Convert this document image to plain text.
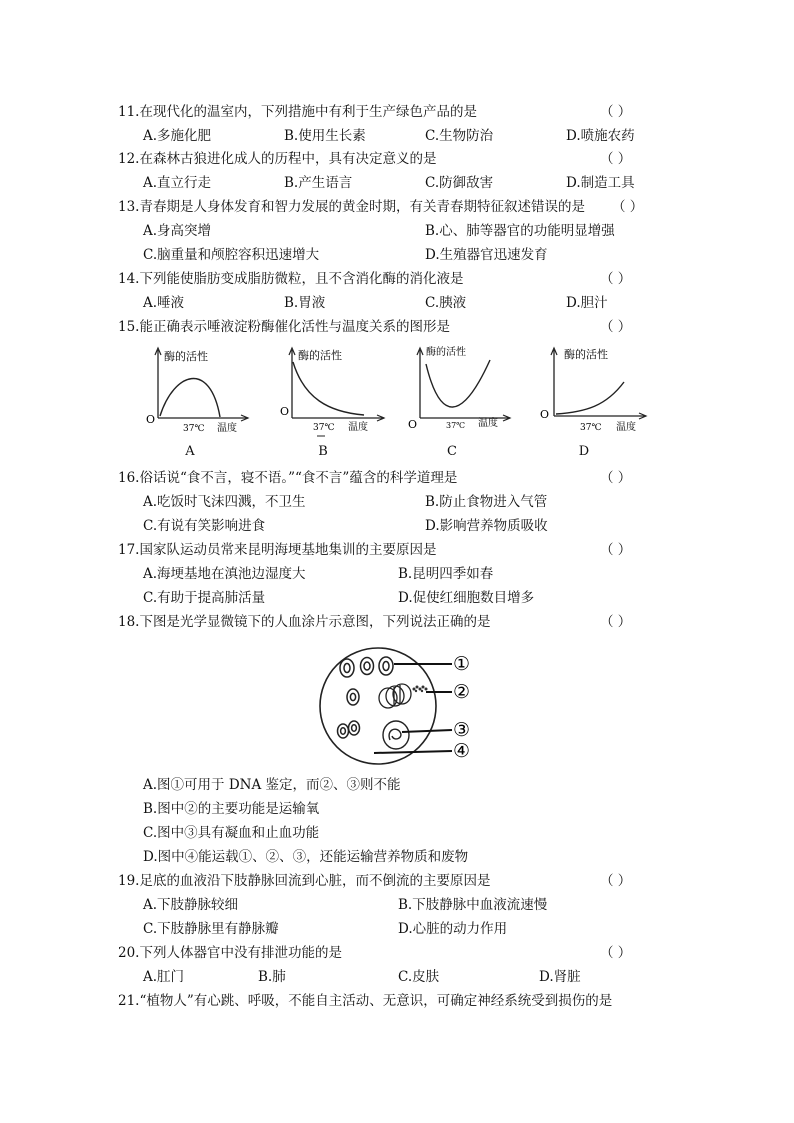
11.在现代化的温室内，下列措施中有利于生产绿色产品的是	（ ）
A.多施化肥	B.使用生长素	C.生物防治	D.喷施农药
12.在森林古狼进化成人的历程中，具有决定意义的是	（ ）
A.直立行走	B.产生语言	C.防御敌害	D.制造工具
13.青春期是人身体发育和智力发展的黄金时期，有关青春期特征叙述错误的是 （ ）
A.身高突增	B.心、肺等器官的功能明显增强
C.脑重量和颅腔容积迅速增大	D.生殖器官迅速发育
14.下列能使脂肪变成脂肪微粒，且不含消化酶的消化液是	（ ）
A.唾液	B.胃液	C.胰液	D.胆汁
15.能正确表示唾液淀粉酶催化活性与温度关系的图形是	（ ）
酶的活性
37℃ 温度
O
A
酶的活性
37℃ 温度
O
B
酶的活性
37℃ 温度
O
C
酶的活性
37℃ 温度
O
D
16.俗话说“食不言，寝不语。”“食不言”蕴含的科学道理是	（ ）
A.吃饭时飞沫四溅，不卫生	B.防止食物进入气管
C.有说有笑影响进食	D.影响营养物质吸收
17.国家队运动员常来昆明海埂基地集训的主要原因是	（ ）
A.海埂基地在滇池边湿度大	B.昆明四季如春
C.有助于提高肺活量	D.促使红细胞数目增多
18.下图是光学显微镜下的人血涂片示意图，下列说法正确的是	（ ）
①
②
③
④
A.图①可用于 DNA 鉴定，而②、③则不能
B.图中②的主要功能是运输氧
C.图中③具有凝血和止血功能
D.图中④能运载①、②、③，还能运输营养物质和废物
19.足底的血液沿下肢静脉回流到心脏，而不倒流的主要原因是	（ ）
A.下肢静脉较细	B.下肢静脉中血液流速慢
C.下肢静脉里有静脉瓣	D.心脏的动力作用
20.下列人体器官中没有排泄功能的是	（ ）
A.肛门	B.肺	C.皮肤	D.肾脏
21.“植物人”有心跳、呼吸，不能自主活动、无意识，可确定神经系统受到损伤的是
